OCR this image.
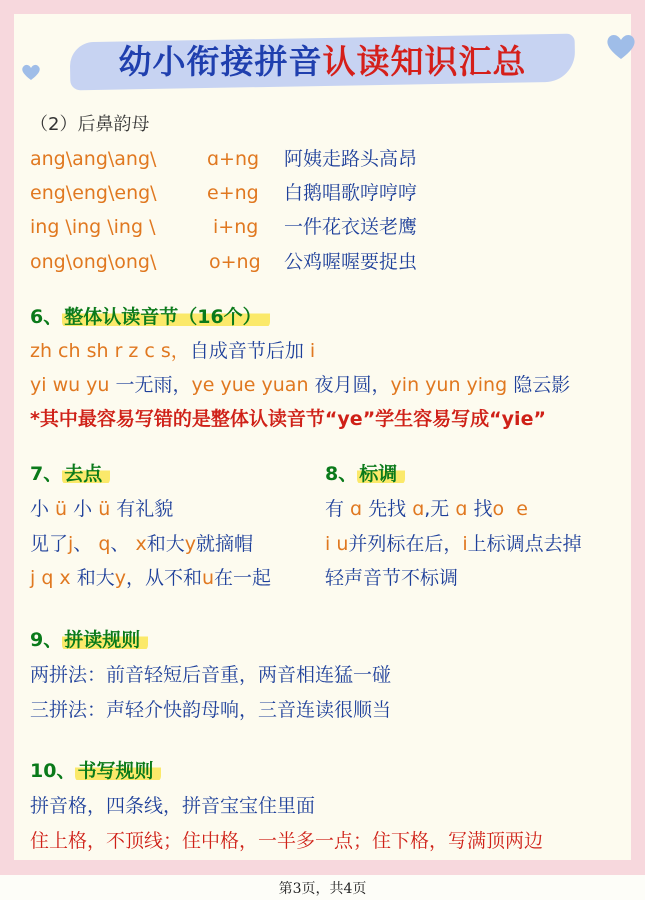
幼小衔接拼音认读知识汇总
（2）后鼻韵母
ang\ang\ang\	ɑ+ng 阿姨走路头高昂
eng\eng\eng\	e+ng 白鹅唱歌哼哼哼
ing \ing \ing \	i+ng 一件花衣送老鹰
ong\ong\ong\	o+ng 公鸡喔喔要捉虫
6、 整体认读音节（16个）
zh ch sh r z c s，自成音节后加 i
yi wu yu 一无雨，ye yue yuan 夜月圆，yin yun ying 隐云影
*其中最容易写错的是整体认读音节“ye”学生容易写成“yie”
7、 去点
小 ü 小 ü 有礼貌
见了j、 q、 x和大y就摘帽
j q x 和大y，从不和u在一起
8、 标调
有 ɑ 先找 ɑ,无 ɑ 找o e
i u并列标在后，i上标调点去掉
轻声音节不标调
9、 拼读规则
两拼法：前音轻短后音重，两音相连猛一碰
三拼法：声轻介快韵母响，三音连读很顺当
10、 书写规则
拼音格，四条线，拼音宝宝住里面
住上格，不顶线；住中格，一半多一点；住下格，写满顶两边
第3页，共4页
